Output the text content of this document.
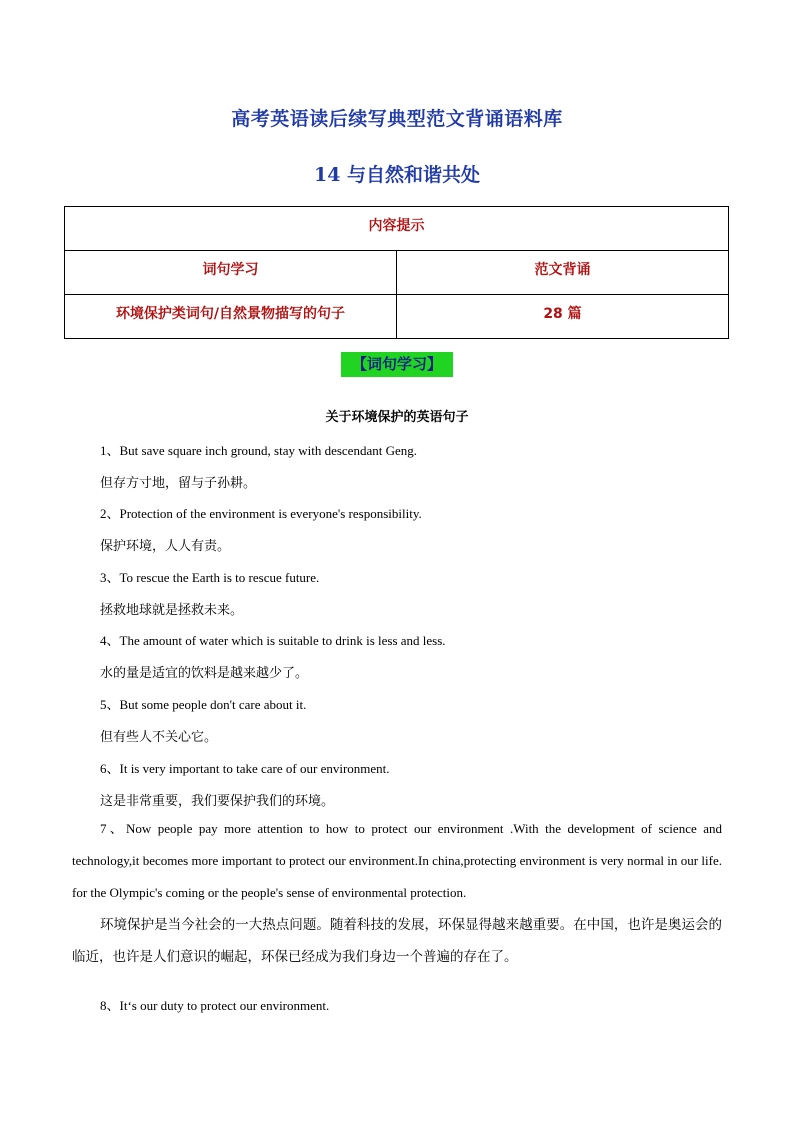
高考英语读后续写典型范文背诵语料库
14 与自然和谐共处
内容提示	
词句学习	范文背诵
环境保护类词句/自然景物描写的句子	28 篇
【词句学习】
关于环境保护的英语句子
1、But save square inch ground, stay with descendant Geng.
但存方寸地，留与子孙耕。
2、Protection of the environment is everyone's responsibility.
保护环境，人人有责。
3、To rescue the Earth is to rescue future.
拯救地球就是拯救未来。
4、The amount of water which is suitable to drink is less and less.
水的量是适宜的饮料是越来越少了。
5、But some people don't care about it.
但有些人不关心它。
6、It is very important to take care of our environment.
这是非常重要，我们要保护我们的环境。
7、Now people pay more attention to how to protect our environment .With the development of science and technology,it becomes more important to protect our environment.In china,protecting environment is very normal in our life. for the Olympic's coming or the people's sense of environmental protection.
环境保护是当今社会的一大热点问题。随着科技的发展，环保显得越来越重要。在中国，也许是奥运会的临近，也许是人们意识的崛起，环保已经成为我们身边一个普遍的存在了。
8、It‘s our duty to protect our environment.
